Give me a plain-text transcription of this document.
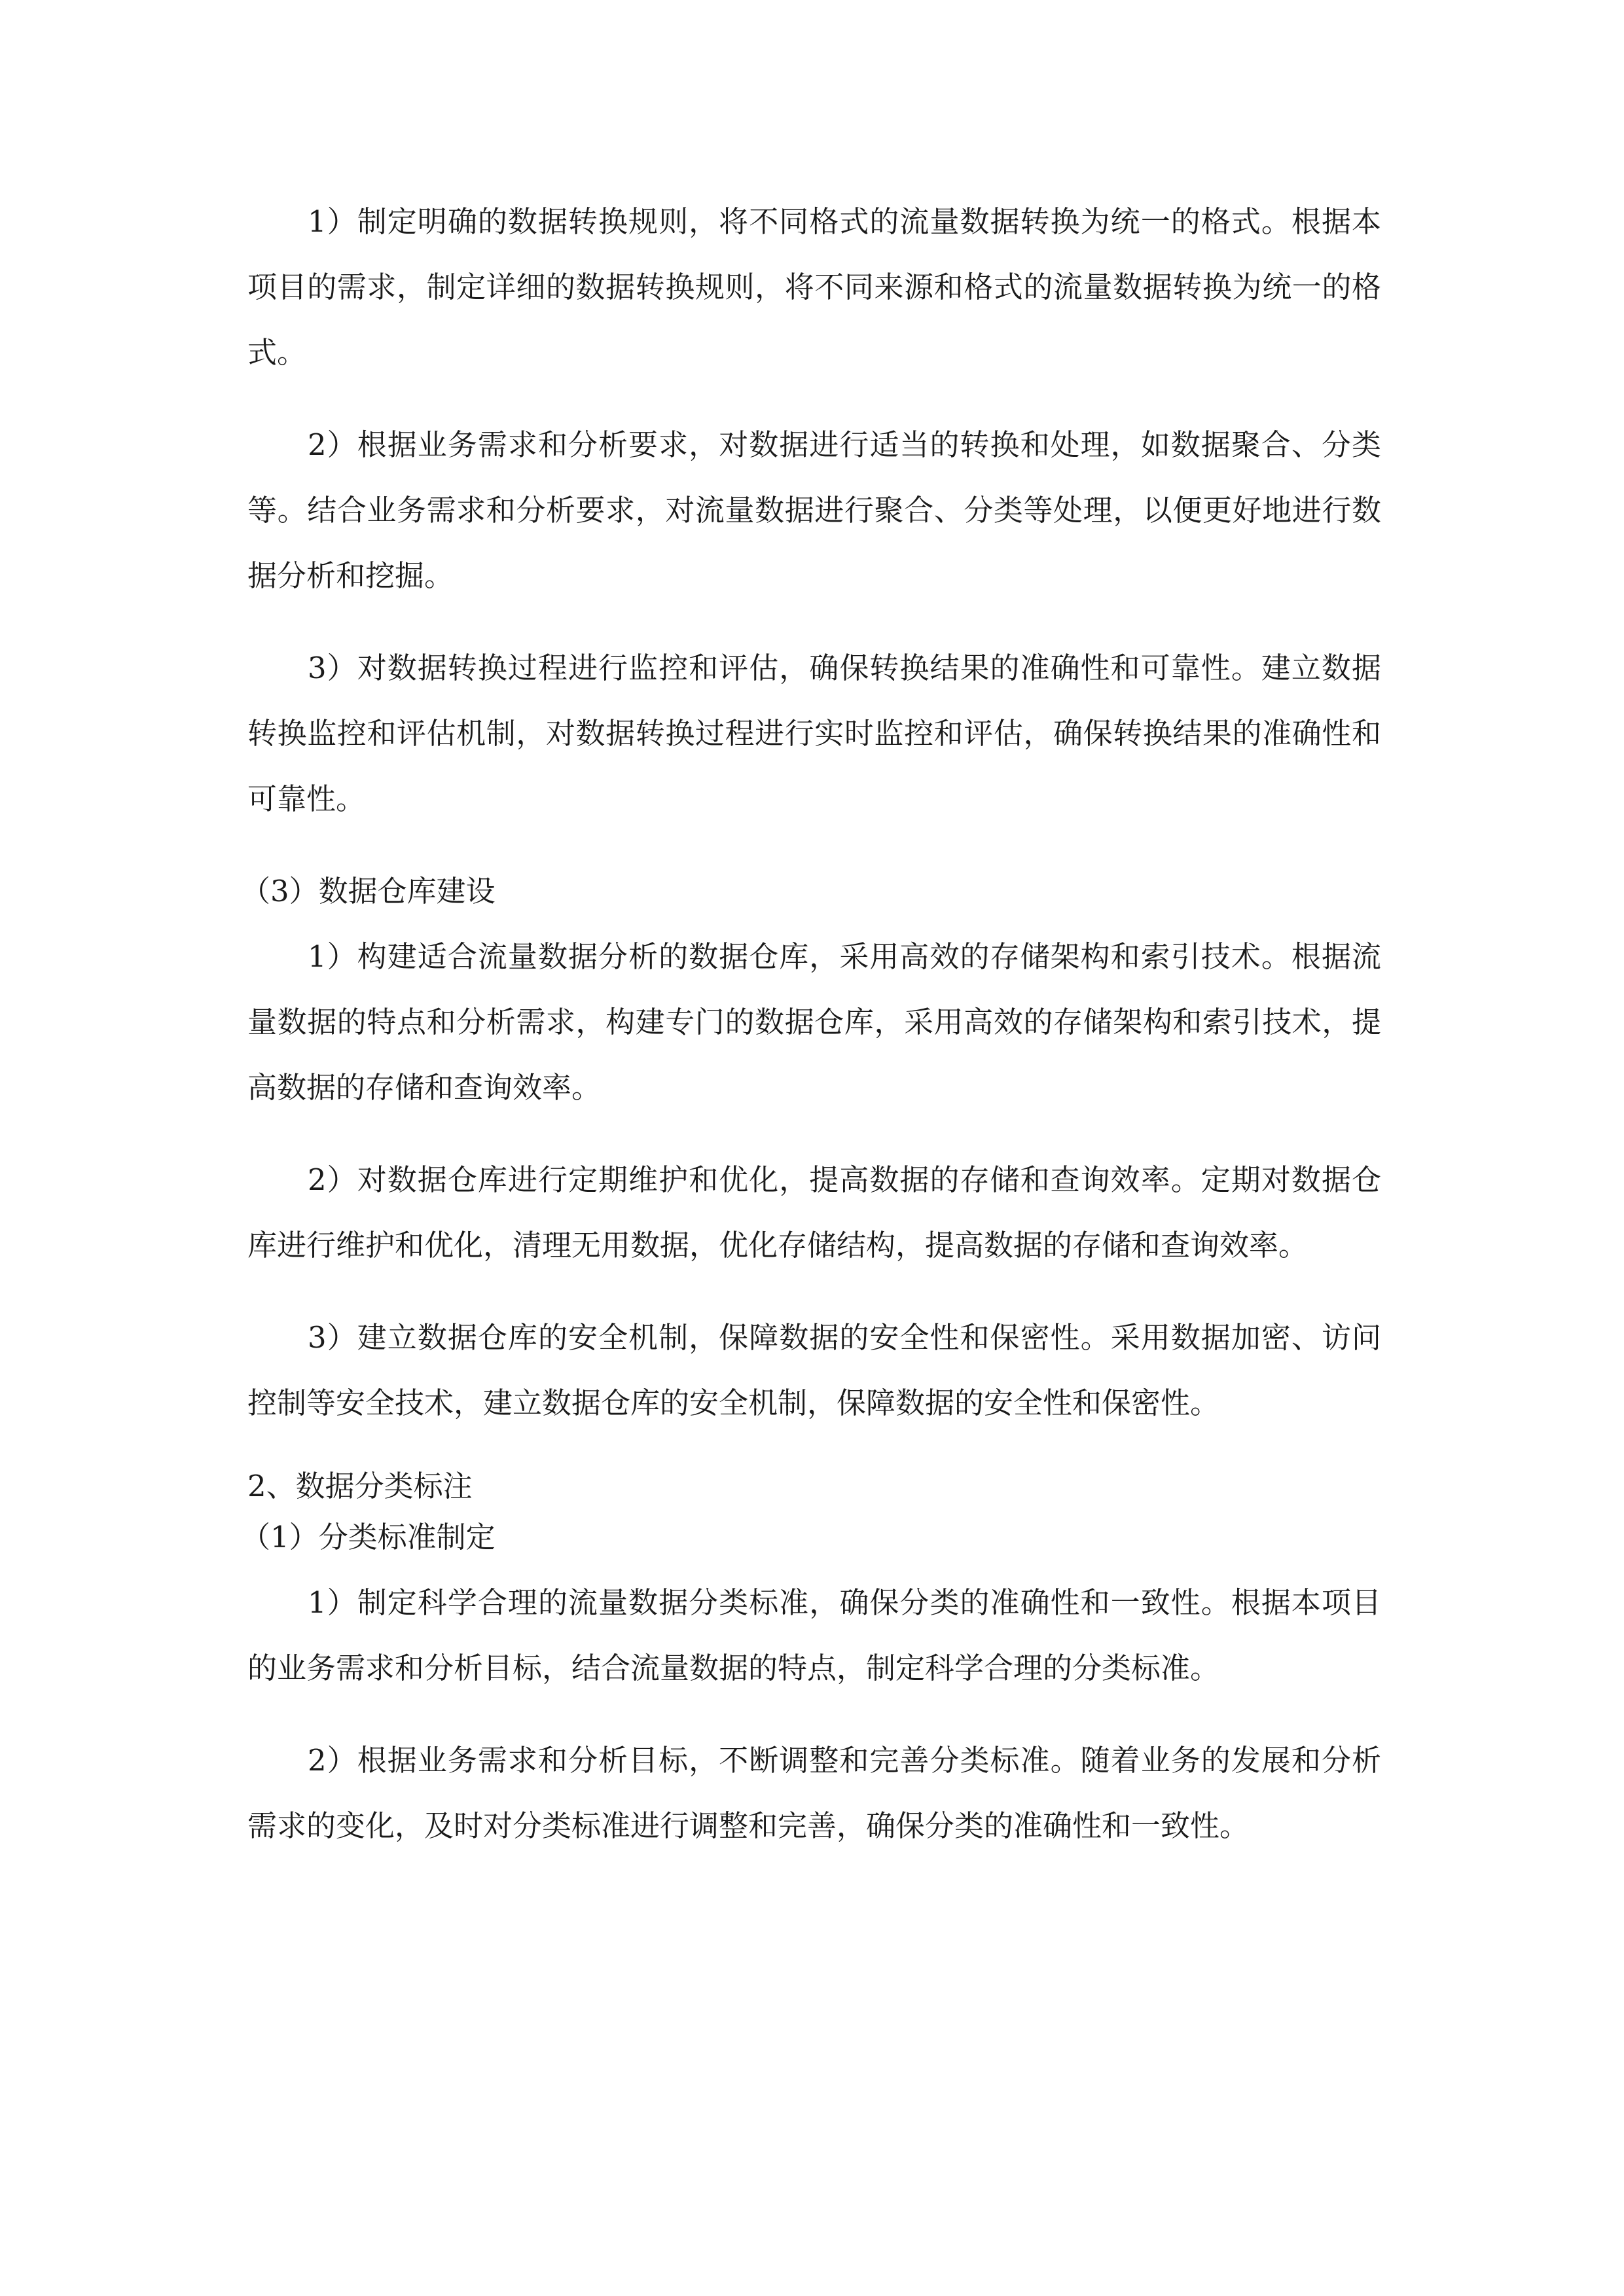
1）制定明确的数据转换规则，将不同格式的流量数据转换为统一的格式。根据本项目的需求，制定详细的数据转换规则，将不同来源和格式的流量数据转换为统一的格式。

2）根据业务需求和分析要求，对数据进行适当的转换和处理，如数据聚合、分类等。结合业务需求和分析要求，对流量数据进行聚合、分类等处理，以便更好地进行数据分析和挖掘。

3）对数据转换过程进行监控和评估，确保转换结果的准确性和可靠性。建立数据转换监控和评估机制，对数据转换过程进行实时监控和评估，确保转换结果的准确性和可靠性。

（3）数据仓库建设

1）构建适合流量数据分析的数据仓库，采用高效的存储架构和索引技术。根据流量数据的特点和分析需求，构建专门的数据仓库，采用高效的存储架构和索引技术，提高数据的存储和查询效率。

2）对数据仓库进行定期维护和优化，提高数据的存储和查询效率。定期对数据仓库进行维护和优化，清理无用数据，优化存储结构，提高数据的存储和查询效率。

3）建立数据仓库的安全机制，保障数据的安全性和保密性。采用数据加密、访问控制等安全技术，建立数据仓库的安全机制，保障数据的安全性和保密性。

2、数据分类标注

（1）分类标准制定

1）制定科学合理的流量数据分类标准，确保分类的准确性和一致性。根据本项目的业务需求和分析目标，结合流量数据的特点，制定科学合理的分类标准。

2）根据业务需求和分析目标，不断调整和完善分类标准。随着业务的发展和分析需求的变化，及时对分类标准进行调整和完善，确保分类的准确性和一致性。
